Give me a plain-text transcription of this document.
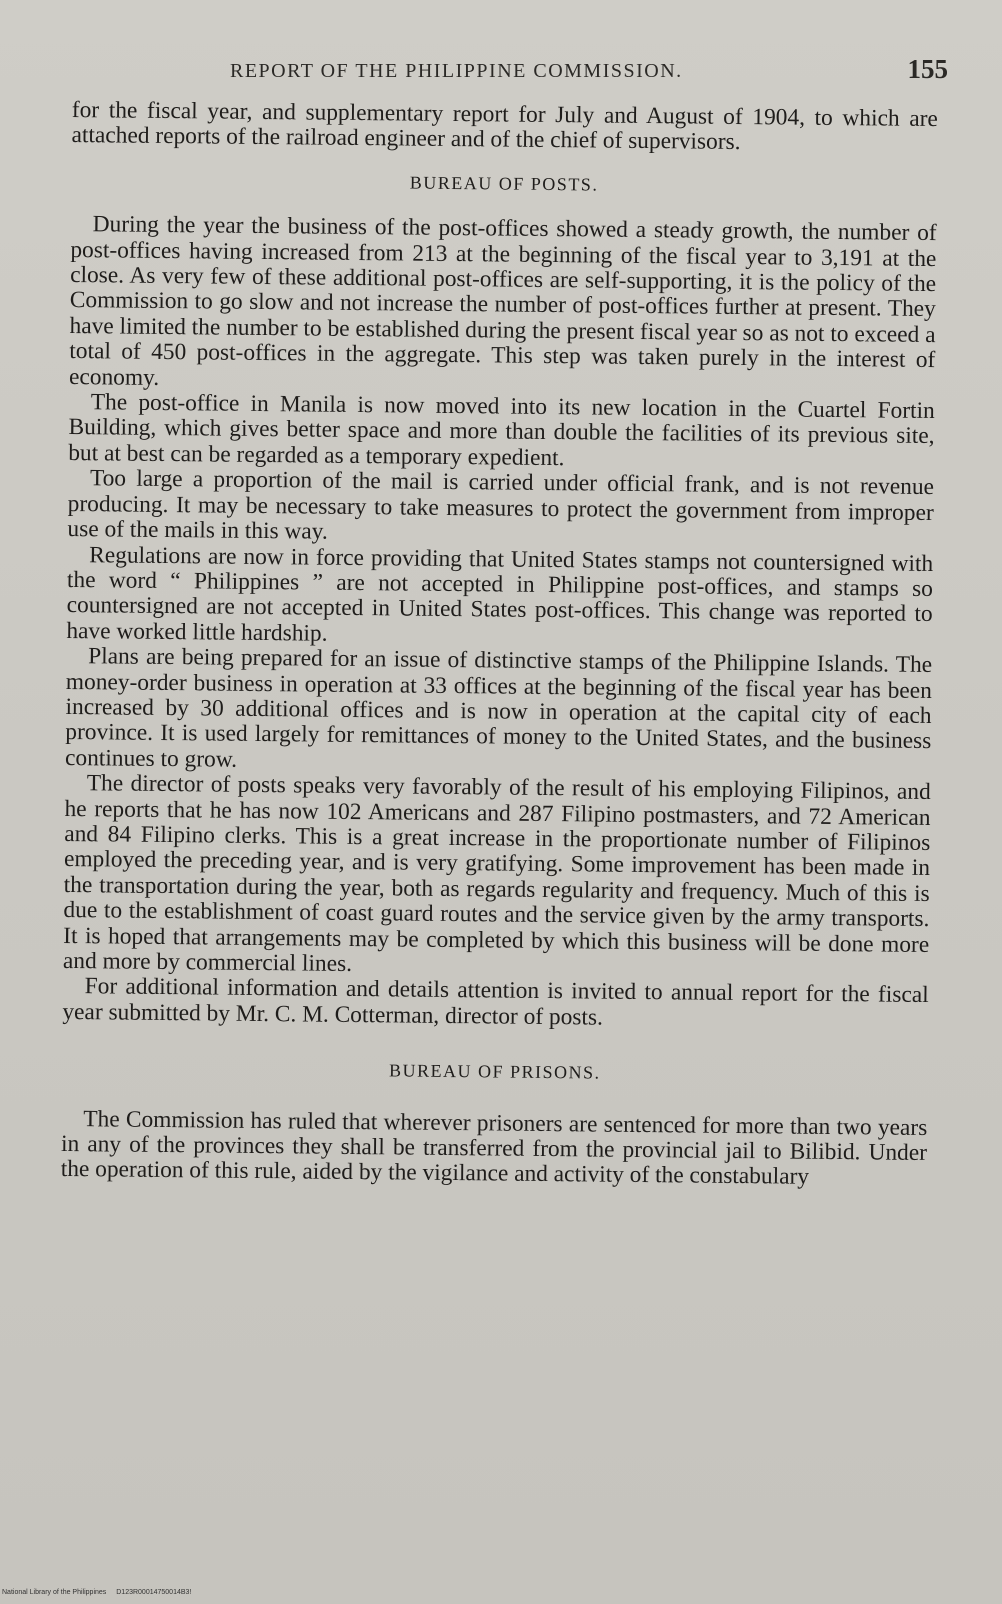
REPORT OF THE PHILIPPINE COMMISSION.	155

for the fiscal year, and supplementary report for July and August of 1904, to which are attached reports of the railroad engineer and of the chief of supervisors.

BUREAU OF POSTS.

During the year the business of the post-offices showed a steady growth, the number of post-offices having increased from 213 at the beginning of the fiscal year to 3,191 at the close. As very few of these additional post-offices are self-supporting, it is the policy of the Commission to go slow and not increase the number of post-offices further at present. They have limited the number to be established during the present fiscal year so as not to exceed a total of 450 post-offices in the aggregate. This step was taken purely in the interest of economy.

The post-office in Manila is now moved into its new location in the Cuartel Fortin Building, which gives better space and more than double the facilities of its previous site, but at best can be regarded as a temporary expedient.

Too large a proportion of the mail is carried under official frank, and is not revenue producing. It may be necessary to take measures to protect the government from improper use of the mails in this way.

Regulations are now in force providing that United States stamps not countersigned with the word “ Philippines ” are not accepted in Philippine post-offices, and stamps so countersigned are not accepted in United States post-offices. This change was reported to have worked little hardship.

Plans are being prepared for an issue of distinctive stamps of the Philippine Islands. The money-order business in operation at 33 offices at the beginning of the fiscal year has been increased by 30 additional offices and is now in operation at the capital city of each province. It is used largely for remittances of money to the United States, and the business continues to grow.

The director of posts speaks very favorably of the result of his employing Filipinos, and he reports that he has now 102 Americans and 287 Filipino postmasters, and 72 American and 84 Filipino clerks. This is a great increase in the proportionate number of Filipinos employed the preceding year, and is very gratifying. Some improvement has been made in the transportation during the year, both as regards regularity and frequency. Much of this is due to the establishment of coast guard routes and the service given by the army transports. It is hoped that arrangements may be completed by which this business will be done more and more by commercial lines.

For additional information and details attention is invited to annual report for the fiscal year submitted by Mr. C. M. Cotterman, director of posts.

BUREAU OF PRISONS.

The Commission has ruled that wherever prisoners are sentenced for more than two years in any of the provinces they shall be transferred from the provincial jail to Bilibid. Under the operation of this rule, aided by the vigilance and activity of the constabulary

National Library of the Philippines D123R00014750014B3!
